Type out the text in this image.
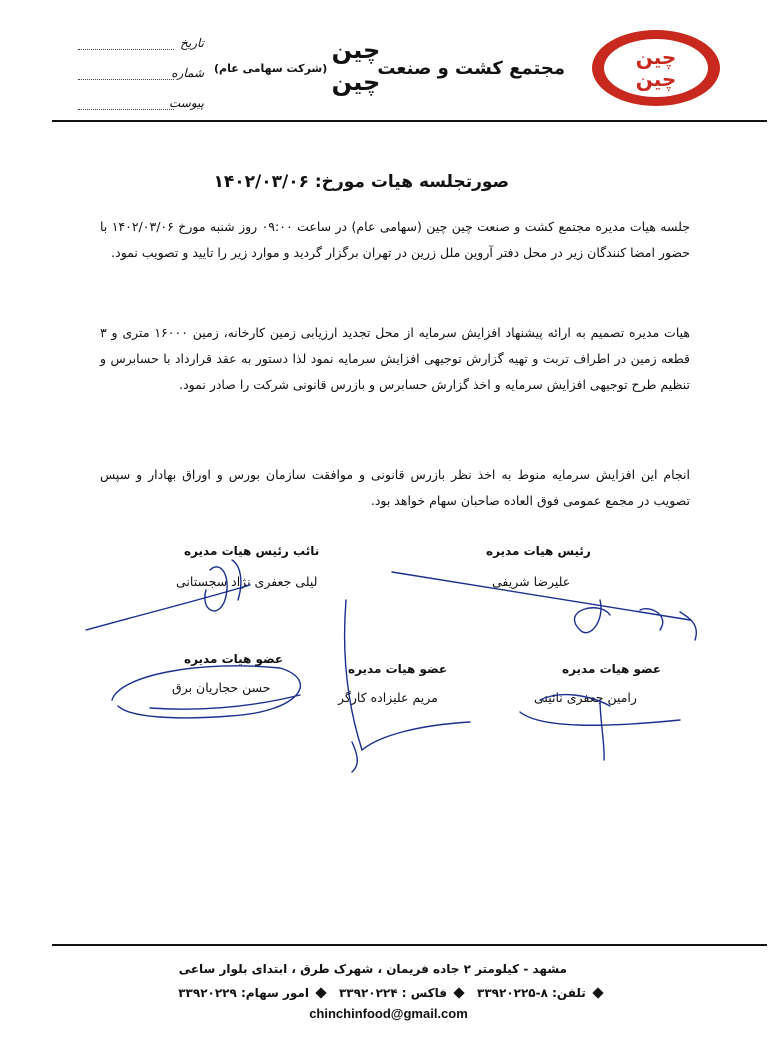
چین
چین
مجتمع کشت و صنعت
چین
چین
(شرکت سهامی عام)
تاریخ
شماره
پیوست
صورتجلسه هیات مورخ: ۱۴۰۲/۰۳/۰۶
جلسه هیات مدیره مجتمع کشت و صنعت چین چین (سهامی عام) در ساعت ۰۹:۰۰ روز شنبه مورخ ۱۴۰۲/۰۳/۰۶ با حضور امضا کنندگان زیر در محل دفتر آروین ملل زرین در تهران برگزار گردید و موارد زیر را تایید و تصویب نمود.
هیات مدیره تصمیم به ارائه پیشنهاد افزایش سرمایه از محل تجدید ارزیابی زمین کارخانه، زمین ۱۶۰۰۰ متری و ۳ قطعه زمین در اطراف تربت و تهیه گزارش توجیهی افزایش سرمایه نمود لذا دستور به عقد قرارداد با حسابرس و تنظیم طرح توجیهی افزایش سرمایه و اخذ گزارش حسابرس و بازرس قانونی شرکت را صادر نمود.
انجام این افزایش سرمایه منوط به اخذ نظر بازرس قانونی و موافقت سازمان بورس و اوراق بهادار و سپس تصویب در مجمع عمومی فوق العاده صاحبان سهام خواهد بود.
رئیس هیات مدیره
علیرضا شریفی
نائب رئیس هیات مدیره
لیلی جعفری نژاد سجستانی
عضو هیات مدیره
رامین جعفری نائینی
عضو هیات مدیره
مریم علیزاده کارگر
عضو هیات مدیره
حسن حجاریان برق
مشهد - کیلومتر ۲ جاده فریمان ، شهرک طرق ، ابتدای بلوار ساعی
تلفن: ۸-۳۳۹۲۰۲۲۵
فاکس : ۳۳۹۲۰۲۲۴
امور سهام: ۳۳۹۲۰۲۲۹
chinchinfood@gmail.com
